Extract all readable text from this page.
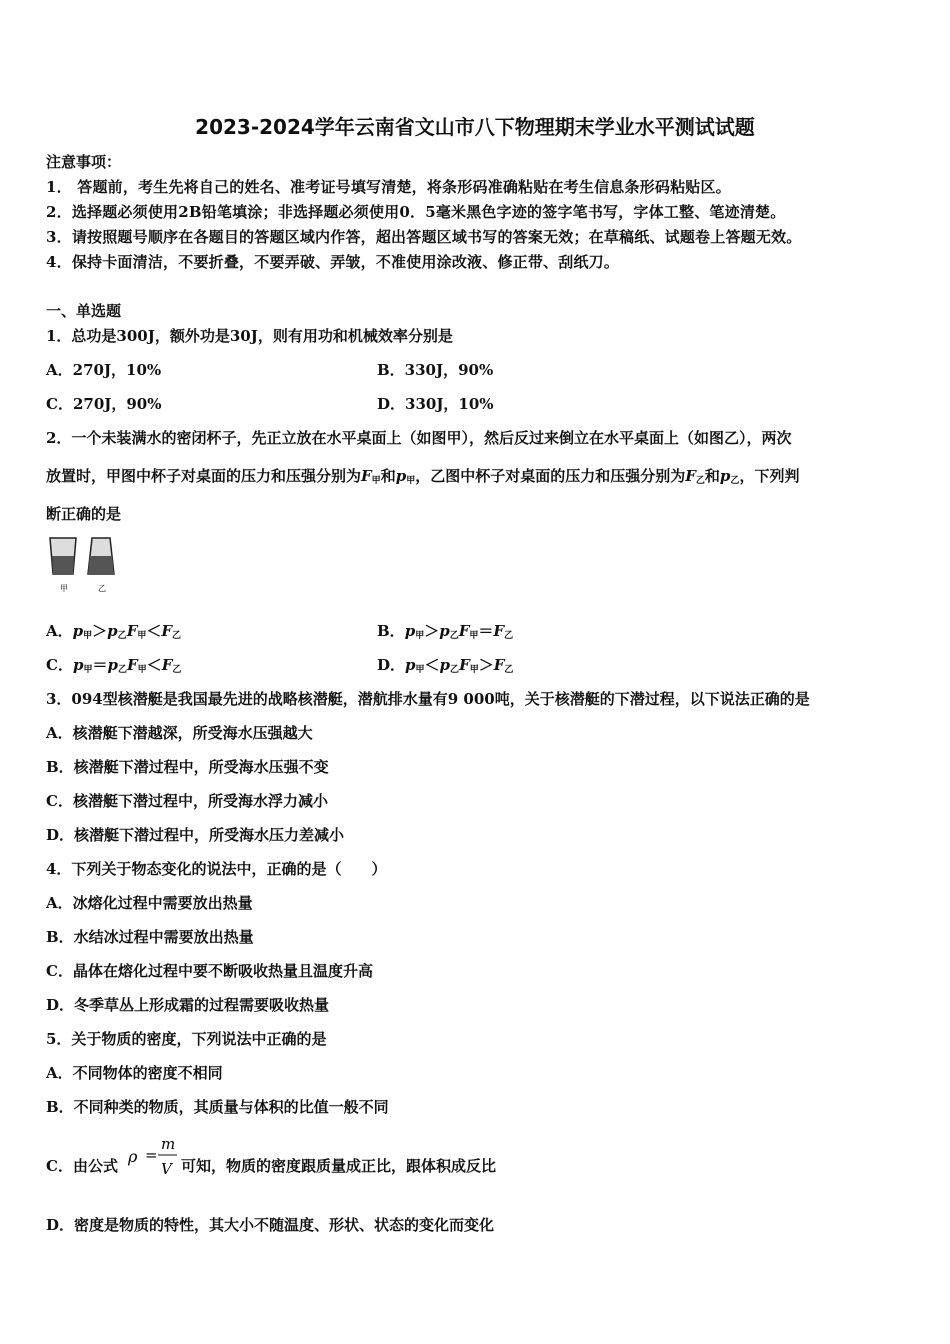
2023-2024学年云南省文山市八下物理期末学业水平测试试题
注意事项：
1． 答题前，考生先将自己的姓名、准考证号填写清楚，将条形码准确粘贴在考生信息条形码粘贴区。
2．选择题必须使用2B铅笔填涂；非选择题必须使用0．5毫米黑色字迹的签字笔书写，字体工整、笔迹清楚。
3．请按照题号顺序在各题目的答题区域内作答，超出答题区域书写的答案无效；在草稿纸、试题卷上答题无效。
4．保持卡面清洁，不要折叠，不要弄破、弄皱，不准使用涂改液、修正带、刮纸刀。
一、单选题
1．总功是300J，额外功是30J，则有用功和机械效率分别是
A．270J，10%	B．330J，90%
C．270J，90%	D．330J，10%
2．一个未装满水的密闭杯子，先正立放在水平桌面上（如图甲），然后反过来倒立在水平桌面上（如图乙），两次
放置时，甲图中杯子对桌面的压力和压强分别为$F_甲$和$p_甲$，乙图中杯子对桌面的压力和压强分别为$F_乙$和$p_乙$，下列判
断正确的是
甲	乙
A．$p_甲>p_乙F_甲<F_乙$	B．$p_甲>p_乙F_甲=F_乙$
C．$p_甲=p_乙F_甲<F_乙$	D．$p_甲<p_乙F_甲>F_乙$
3．094型核潜艇是我国最先进的战略核潜艇，潜航排水量有9 000吨，关于核潜艇的下潜过程，以下说法正确的是
A．核潜艇下潜越深，所受海水压强越大
B．核潜艇下潜过程中，所受海水压强不变
C．核潜艇下潜过程中，所受海水浮力减小
D．核潜艇下潜过程中，所受海水压力差减小
4．下列关于物态变化的说法中，正确的是（　　）
A．冰熔化过程中需要放出热量
B．水结冰过程中需要放出热量
C．晶体在熔化过程中要不断吸收热量且温度升高
D．冬季草丛上形成霜的过程需要吸收热量
5．关于物质的密度，下列说法中正确的是
A．不同物体的密度不相同
B．不同种类的物质，其质量与体积的比值一般不同
C．由公式 ρ =
m
V 可知，物质的密度跟质量成正比，跟体积成反比
D．密度是物质的特性，其大小不随温度、形状、状态的变化而变化
